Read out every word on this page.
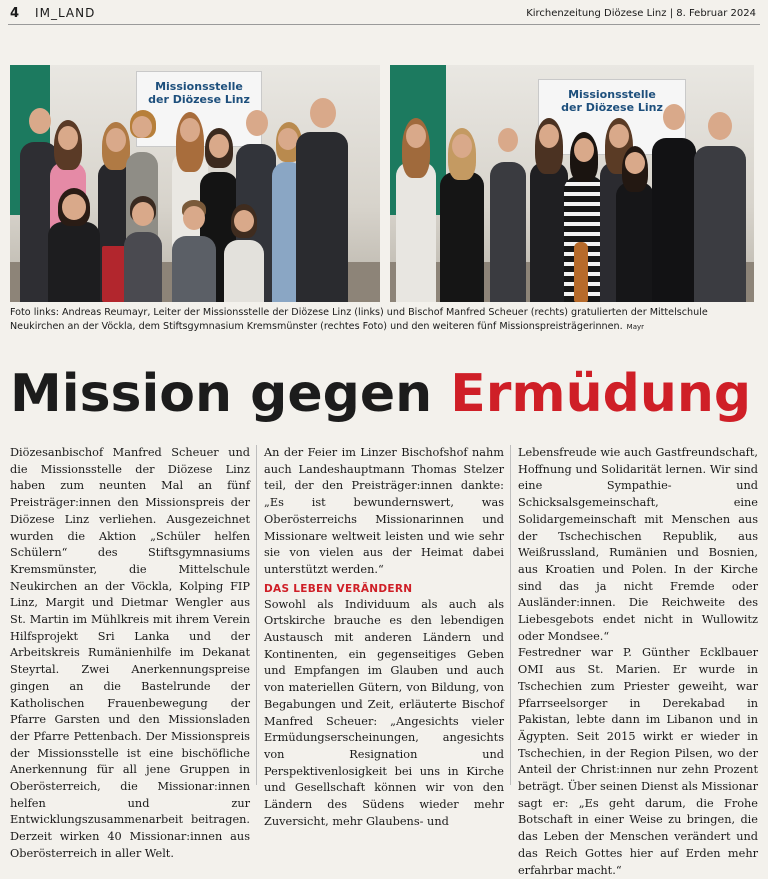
4 IM_LAND	Kirchenzeitung Diözese Linz | 8. Februar 2024
Missionsstelle
der Diözese Linz	Missionsstelle
der Diözese Linz
Foto links: Andreas Reumayr, Leiter der Missionsstelle der Diözese Linz (links) und Bischof Manfred Scheuer (rechts) gratulierten der Mittelschule Neukirchen an der Vöckla, dem Stiftsgymnasium Kremsmünster (rechtes Foto) und den weiteren fünf Missionspreisträgerinnen. Mayr
Mission gegen Ermüdung

Diözesanbischof Manfred Scheuer und die Missionsstelle der Diözese Linz haben zum neunten Mal an fünf Preisträger:innen den Missionspreis der Diözese Linz verliehen. Ausgezeichnet wurden die Aktion „Schüler helfen Schülern“ des Stiftsgymnasiums Kremsmünster, die Mittelschule Neukirchen an der Vöckla, Kolping FIP Linz, Margit und Dietmar Wengler aus St. Martin im Mühlkreis mit ihrem Verein Hilfsprojekt Sri Lanka und der Arbeitskreis Rumänienhilfe im Dekanat Steyrtal. Zwei Anerkennungspreise gingen an die Bastelrunde der Katholischen Frauenbewegung der Pfarre Garsten und den Missionsladen der Pfarre Pettenbach. Der Missionspreis der Missionsstelle ist eine bischöfliche Anerkennung für all jene Gruppen in Oberösterreich, die Missionar:innen helfen und zur Entwicklungszusammenarbeit beitragen. Derzeit wirken 40 Missionar:innen aus Oberösterreich in aller Welt.

An der Feier im Linzer Bischofshof nahm auch Landeshauptmann Thomas Stelzer teil, der den Preisträger:innen dankte: „Es ist bewundernswert, was Oberösterreichs Missionarinnen und Missionare weltweit leisten und wie sehr sie von vielen aus der Heimat dabei unterstützt werden.“

DAS LEBEN VERÄNDERN

Sowohl als Individuum als auch als Ortskirche brauche es den lebendigen Austausch mit anderen Ländern und Kontinenten, ein gegenseitiges Geben und Empfangen im Glauben und auch von materiellen Gütern, von Bildung, von Begabungen und Zeit, erläuterte Bischof Manfred Scheuer: „Angesichts vieler Ermüdungserscheinungen, angesichts von Resignation und Perspektivenlosigkeit bei uns in Kirche und Gesellschaft können wir von den Ländern des Südens wieder mehr Zuversicht, mehr Glaubens- und

Lebensfreude wie auch Gastfreundschaft, Hoffnung und Solidarität lernen. Wir sind eine Sympathie- und Schicksalsgemeinschaft, eine Solidargemeinschaft mit Menschen aus der Tschechischen Republik, aus Weißrussland, Rumänien und Bosnien, aus Kroatien und Polen. In der Kirche sind das ja nicht Fremde oder Ausländer:innen. Die Reichweite des Liebesgebots endet nicht in Wullowitz oder Mondsee.“

Festredner war P. Günther Ecklbauer OMI aus St. Marien. Er wurde in Tschechien zum Priester geweiht, war Pfarrseelsorger in Derekabad in Pakistan, lebte dann im Libanon und in Ägypten. Seit 2015 wirkt er wieder in Tschechien, in der Region Pilsen, wo der Anteil der Christ:innen nur zehn Prozent beträgt. Über seinen Dienst als Missionar sagt er: „Es geht darum, die Frohe Botschaft in einer Weise zu bringen, die das Leben der Menschen verändert und das Reich Gottes hier auf Erden mehr erfahrbar macht.“
